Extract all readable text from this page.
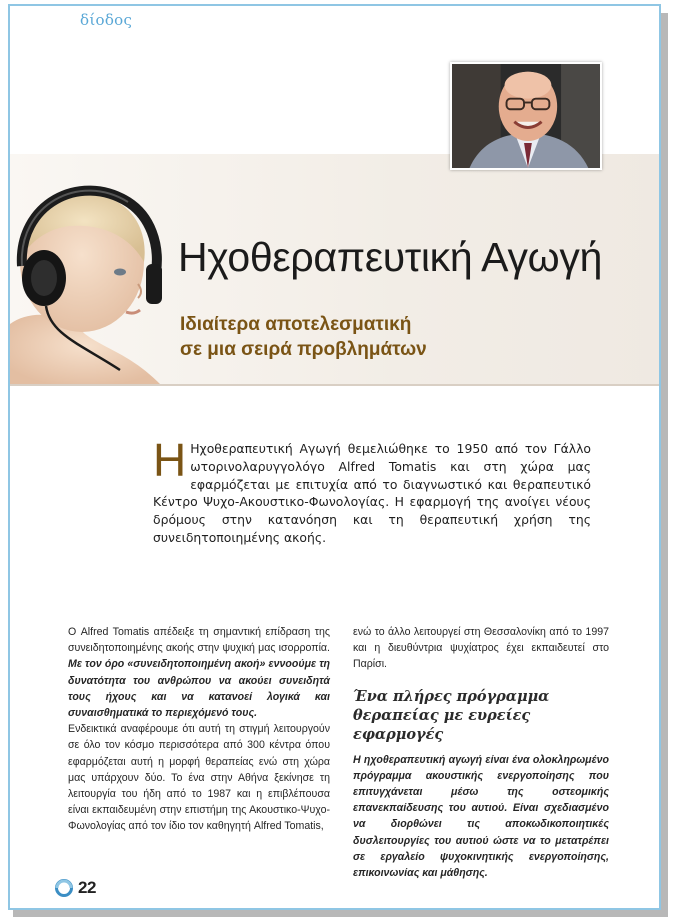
δίοδος
Ηχοθεραπευτική Αγωγή
Ιδιαίτερα αποτελεσματική
σε μια σειρά προβλημάτων
Η Ηχοθεραπευτική Αγωγή θεμελιώθηκε το 1950 από τον Γάλλο ωτορινολαρυγγολόγο Alfred Tomatis και στη χώρα μας εφαρμόζεται με επιτυχία από το διαγνωστικό και θεραπευτικό Κέντρο Ψυχο-Ακουστικο-Φωνολογίας. Η εφαρμογή της ανοίγει νέους δρόμους στην κατανόηση και τη θεραπευτική χρήση της συνειδητοποιημένης ακοής.

Ο Alfred Tomatis απέδειξε τη σημαντική επίδραση της συνειδητοποιημένης ακοής στην ψυχική μας ισορροπία. Με τον όρο «συνειδητοποιημένη ακοή» εννοούμε τη δυνατότητα του ανθρώπου να ακούει συνειδητά τους ήχους και να κατανοεί λογικά και συναισθηματικά το περιεχόμενό τους.

Ενδεικτικά αναφέρουμε ότι αυτή τη στιγμή λειτουργούν σε όλο τον κόσμο περισσότερα από 300 κέντρα όπου εφαρμόζεται αυτή η μορφή θεραπείας ενώ στη χώρα μας υπάρχουν δύο. Το ένα στην Αθήνα ξεκίνησε τη λειτουργία του ήδη από το 1987 και η επιβλέπουσα είναι εκπαιδευμένη στην επιστήμη της Ακουστικο-Ψυχο-Φωνολογίας από τον ίδιο τον καθηγητή Alfred Tomatis,

ενώ το άλλο λειτουργεί στη Θεσσαλονίκη από το 1997 και η διευθύντρια ψυχίατρος έχει εκπαιδευτεί στο Παρίσι.

Ένα πλήρες πρόγραμμα θεραπείας με ευρείες εφαρμογές

Η ηχοθεραπευτική αγωγή είναι ένα ολοκληρωμένο πρόγραμμα ακουστικής ενεργοποίησης που επιτυγχάνεται μέσω της οστεομικής επανεκπαίδευσης του αυτιού. Είναι σχεδιασμένο να διορθώνει τις αποκωδικοποιητικές δυσλειτουργίες του αυτιού ώστε να το μετατρέπει σε εργαλείο ψυχοκινητικής ενεργοποίησης, επικοινωνίας και μάθησης.

22
